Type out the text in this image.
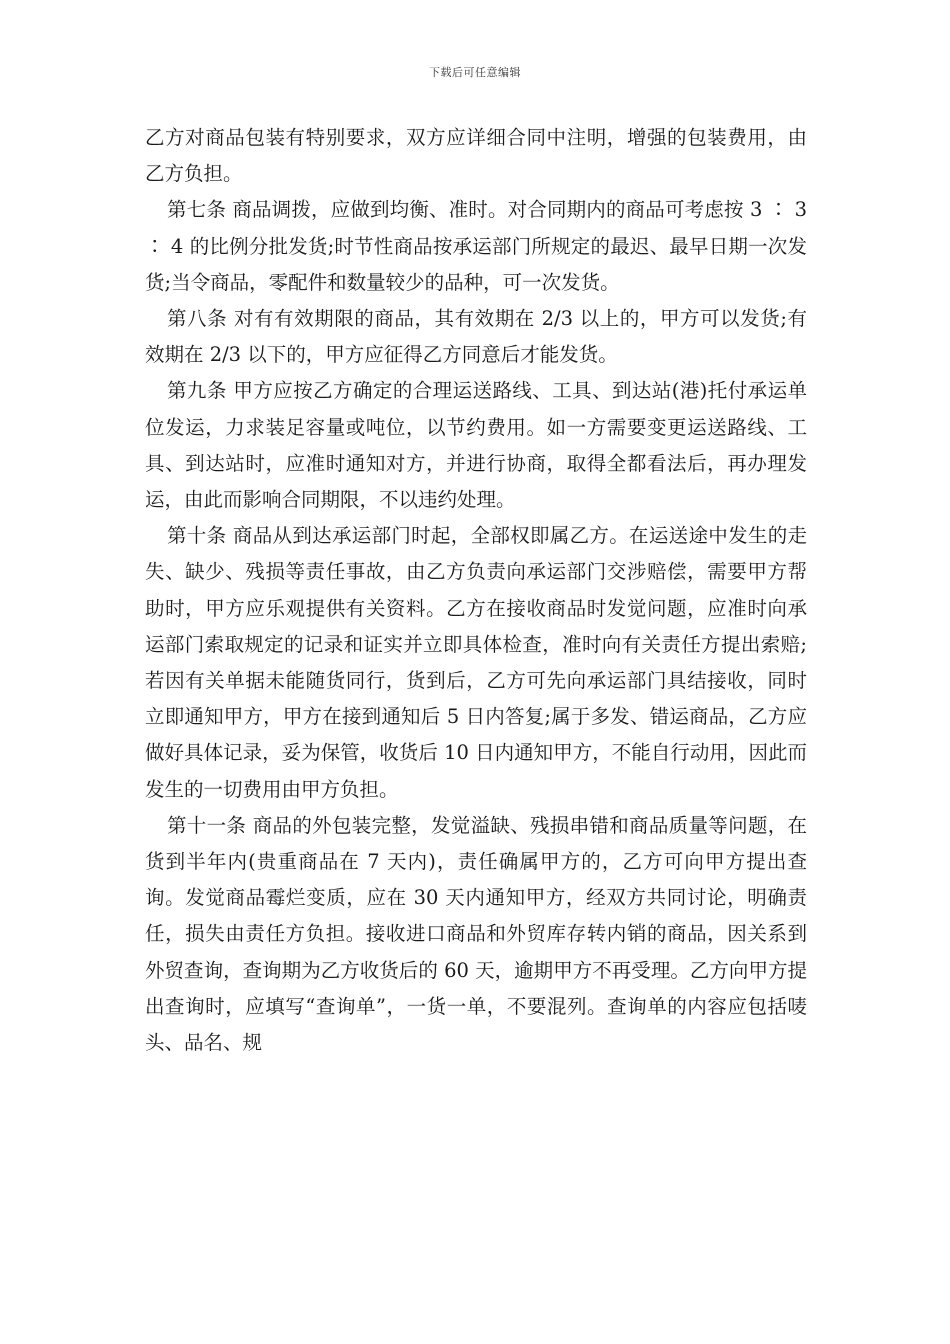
下载后可任意编辑

乙方对商品包装有特别要求，双方应详细合同中注明，增强的包装费用，由乙方负担。

第七条 商品调拨，应做到均衡、准时。对合同期内的商品可考虑按 3 ∶ 3 ∶ 4 的比例分批发货;时节性商品按承运部门所规定的最迟、最早日期一次发货;当令商品，零配件和数量较少的品种，可一次发货。

第八条 对有有效期限的商品，其有效期在 2/3 以上的，甲方可以发货;有效期在 2/3 以下的，甲方应征得乙方同意后才能发货。

第九条 甲方应按乙方确定的合理运送路线、工具、到达站(港)托付承运单位发运，力求装足容量或吨位，以节约费用。如一方需要变更运送路线、工具、到达站时，应准时通知对方，并进行协商，取得全都看法后，再办理发运，由此而影响合同期限，不以违约处理。

第十条 商品从到达承运部门时起，全部权即属乙方。在运送途中发生的走失、缺少、残损等责任事故，由乙方负责向承运部门交涉赔偿，需要甲方帮助时，甲方应乐观提供有关资料。乙方在接收商品时发觉问题，应准时向承运部门索取规定的记录和证实并立即具体检查，准时向有关责任方提出索赔;若因有关单据未能随货同行，货到后，乙方可先向承运部门具结接收，同时立即通知甲方，甲方在接到通知后 5 日内答复;属于多发、错运商品，乙方应做好具体记录，妥为保管，收货后 10 日内通知甲方，不能自行动用，因此而发生的一切费用由甲方负担。

第十一条 商品的外包装完整，发觉溢缺、残损串错和商品质量等问题，在货到半年内(贵重商品在 7 天内)，责任确属甲方的，乙方可向甲方提出查询。发觉商品霉烂变质，应在 30 天内通知甲方，经双方共同讨论，明确责任，损失由责任方负担。接收进口商品和外贸库存转内销的商品，因关系到外贸查询，查询期为乙方收货后的 60 天，逾期甲方不再受理。乙方向甲方提出查询时，应填写“查询单”，一货一单，不要混列。查询单的内容应包括唛头、品名、规
